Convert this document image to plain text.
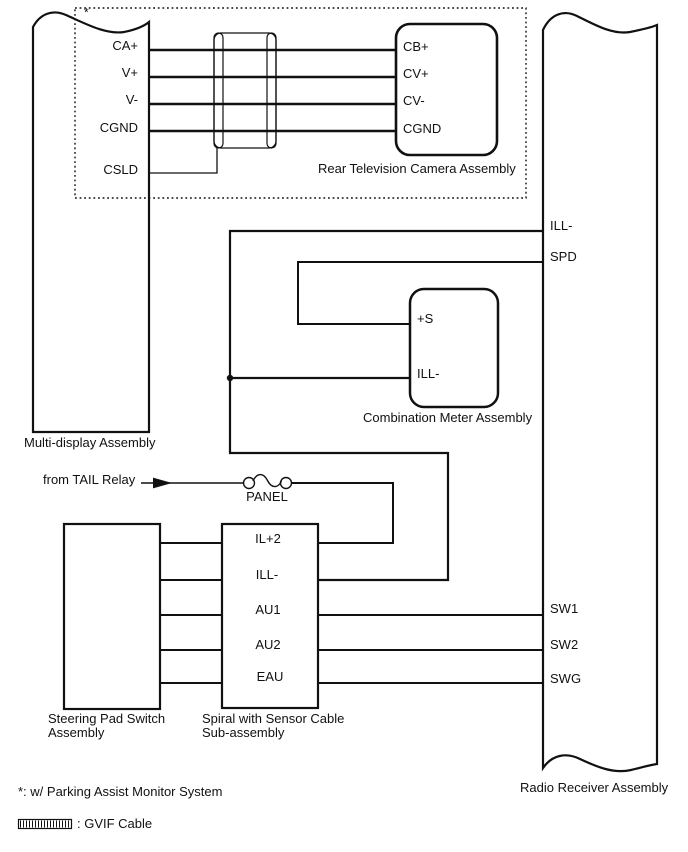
*
CA+
V+
V-
CGND
CSLD
CB+
CV+
CV-
CGND
Rear Television Camera Assembly
Multi-display Assembly
ILL-
SPD
SW1
SW2
SWG
Radio Receiver Assembly
+S
ILL-
Combination Meter Assembly
from TAIL Relay
PANEL
IL+2
ILL-
AU1
AU2
EAU
Steering Pad Switch
Assembly
Spiral with Sensor Cable
Sub-assembly
*: w/ Parking Assist Monitor System
: GVIF Cable
